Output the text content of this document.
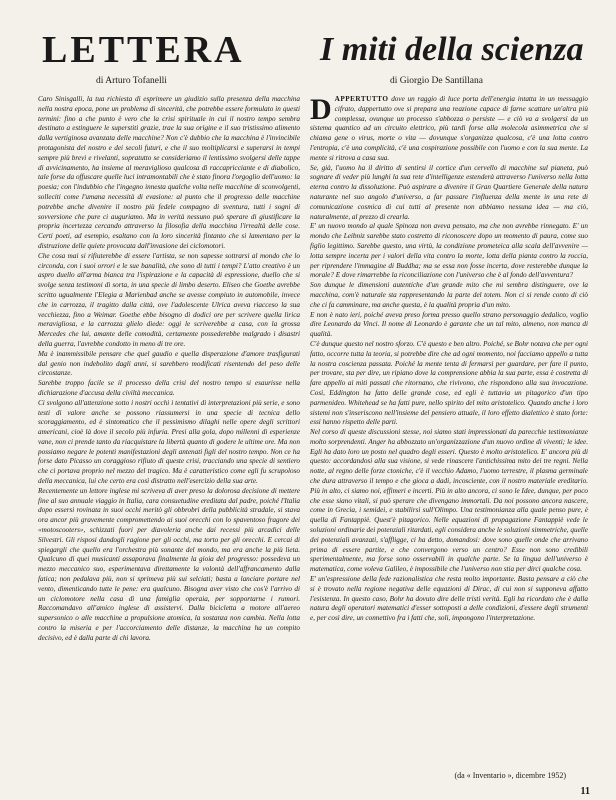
LETTERA
di Arturo Tofanelli
I miti della scienza
di Giorgio De Santillana

Caro Sinisgalli, la tua richiesta di esprimere un giudizio sulla presenza della macchina nella nostra epoca, pone un problema di sincerità, che potrebbe essere formulato in questi termini: fino a che punto è vero che la crisi spirituale in cui il nostro tempo sembra destinato a estinguere le superstiti grazie, trae la sua origine e il suo tristissimo alimento dalla vertiginosa avanzata delle macchine? Non c'è dubbio che la macchina è l'invincibile protagonista del nostro e dei secoli futuri, e che il suo moltiplicarsi e superarsi in tempi sempre più brevi e rivelanti, sopratutto se consideriamo il lentissimo svolgersi delle tappe di avvicinamento, ha insieme al meraviglioso qualcosa di raccapricciante e di diabolico, tale forse da offuscare quelle luci intramontabili che è stato finora l'orgoglio dell'uomo: la poesia; con l'indubbio che l'ingegno innesta qualche volta nelle macchine di sconvolgenti, solleciti come l'umana necessità di evasione: al punto che il progresso delle macchine potrebbe anche divenire il nostro più fedele compagno di sventura, tutti i sogni di sovversione che pure ci auguriamo. Ma in verità nessuno può sperare di giustificare la propria incertezza cercando attraverso la filosofia della macchina l'irrealtà delle cose. Certi poeti, ad esempio, esaltano con la loro sincerità fintanto che si lamentano per la distruzione delle quiete provocata dall'invasione dei ciclomotori.

Che cosa mai si rifiuterebbe di essere l'artista, se non sapesse sottrarsi al mondo che lo circonda, con i suoi orrori e le sue banalità, che sono di tutti i tempi? L'atto creativo è un aspro duello all'arma bianca tra l'ispirazione e la capacità di espressione, duello che si svolge senza testimoni di sorta, in una specie di limbo deserto. Eliseo che Goethe avrebbe scritto ugualmente l'Elegia a Marienbad anche se avesse compiuto in automobile, invece che in carrozza, il tragitto dalla città, ove l'adolescente Ulrica aveva riacceso la sua vecchiezza, fino a Weimar. Goethe ebbe bisogno di dodici ore per scrivere quella lirica meravigliosa, e la carrozza glielo diede: oggi le scriverebbe a casa, con la grossa Mercedes che lui, amante delle comodità, certamente possederebbe malgrado i disastri della guerra, l'avrebbe condotto in meno di tre ore.

Ma è inammissibile pensare che quel gaudio e quella disperazione d'amore trasfigurati dal genio non indebolito dagli anni, si sarebbero modificati risentendo del peso delle circostanze.

Sarebbe troppo facile se il processo della crisi del nostro tempo si esaurisse nella dichiarazione d'accusa della civiltà meccanica.

Ci svolgono all'attenzione sotto i nostri occhi i tentativi di interpretazioni più serie, e sono testi di valore anche se possono riassumersi in una specie di tecnica dello scoraggiamento, ed è sintomatico che il pessimismo dilaghi nelle opere degli scrittori americani, cioè là dove il secolo più infuria. Presi alla gola, dopo millenni di esperienze vane, non ci prende tanto da riacquistare la libertà quanto di godere le ultime ore. Ma non possiamo negare le potenti manifestazioni degli antenati figli del nostro tempo. Non ce ha forse dato Picasso un coraggioso rifiuto di queste crisi, tracciando una specie di sentiero che ci portava proprio nel mezzo del tragico. Ma è caratteristico come egli fu scrupoloso della meccanica, lui che certo era così distratto nell'esercizio della sua arte.

Recentemente un lettore inglese mi scriveva di aver preso la dolorosa decisione di mettere fine al suo annuale viaggio in Italia, cara consuetudine ereditata dal padre, poiché l'Italia dopo essersi rovinata in suoi occhi meritò gli obbrobri della pubblicità stradale, si stava ora ancor più gravemente compromettendo ai suoi orecchi con lo spaventoso fragore dei «motoscooters», schizzati fuori per diavoleria anche dai recessi più arcadici delle Silvestri. Gli risposi dandogli ragione per gli occhi, ma torto per gli orecchi. E cercai di spiegargli che quello era l'orchestra più sonante del mondo, ma era anche la più lieta. Qualcuno di quei musicanti assaporava finalmente la gioia del progresso: possedeva un mezzo meccanico suo, esperimentava direttamente la volontà dell'affrancamento dalla fatica; non pedalava più, non si sprimeva più sui selciati; basta a lanciare portare nel vento, dimenticando tutte le pene: era qualcuno. Bisogna aver visto che cos'è l'arrivo di un ciclomotore nella casa di una famiglia operaia, per sopportarne i rumori. Raccomandavo all'amico inglese di assistervi. Dalla bicicletta a motore all'aereo supersonico o alle macchine a propulsione atomica, la sostanza non cambia. Nella lotta contro la miseria e per l'accorciamento delle distanze, la macchina ha un compito decisivo, ed è dalla parte di chi lavora.

DAPPERTUTTO dove un raggio di luce porta dell'energia intatta in un messaggio cifrato, dappertutto ove si prepara una reazione capace di farne scattare un'altra più complessa, ovunque un processo s'abbozza o persiste — e ciò va a svolgersi da un sistema quantico ad un circuito elettrico, più tardi forse alla molecola asimmetrica che si chiama gene o virus, morte o vita — dovunque s'organizza qualcosa, c'è una lotta contro l'entropia, c'è una complicità, c'è una cospirazione possibile con l'uomo e con la sua mente. La mente si ritrova a casa sua.

Se, già, l'uomo ha il diritto di sentirsi il cortice d'un cervello di macchine sul pianeta, può sognare di veder più lunghi la sua rete d'intelligenze estenderà attraverso l'universo nella lotta eterna contro la dissoluzione. Può aspirare a divenire il Gran Quartiere Generale della natura naturante nel suo angolo d'universo, a far passare l'influenza della mente in una rete di comunicazione cosmica di cui tutti al presente non abbiamo nessuna idea — ma ciò, naturalmente, al prezzo di crearla.

E' un nuovo mondo al quale Spinoza non aveva pensato, ma che non avrebbe rinnegato. E' un mondo che Leibniz sarebbe stato costretto di riconoscere dopo un momento di paura, come suo figlio legittimo. Sarebbe questo, una virtù, la condizione prometeica alla scala dell'avvenire — lotta sempre incerta per i valori della vita contro la morte, lotta della pianta contro la roccia, per riprendere l'immagine di Buddha; ma se essa non fosse incerta, dove resterebbe dunque la morale? E dove rimarrebbe la riconciliazione con l'universo che è al fondo dell'avventura?

Son dunque le dimensioni autentiche d'un grande mito che mi sembra distinguere, ove la macchina, com'è naturale sta rappresentando la parte del totem. Non ci si rende conto di ciò che ci fa camminare, ma anche questa, è la qualità propria d'un mito.

E non è nato ieri, poiché aveva preso forma presso quello strano personaggio dedalico, voglio dire Leonardo da Vinci. Il nome di Leonardo è garante che un tal mito, almeno, non manca di qualità.

C'è dunque questo nel nostro sforzo. C'è questo e ben altro. Poiché, se Bohr notava che per ogni fatto, occorre tutta la teoria, si potrebbe dire che ad ogni momento, noi facciamo appello a tutta la nostra coscienza passata. Poiché la mente tenta di fermarsi per guardare, per fare il punto, per trovare, sta per dire, un ripiano dove la comprensione abbia la sua parte, essa è costretta di fare appello ai miti passati che ritornano, che rivivono, che rispondono alla sua invocazione. Così, Eddington ha fatto delle grande cose, ed egli è tuttavia un pitagorico d'un tipo parmenideo. Whitehead se ha fatti pure, nello spirito del mito aristotelico. Quando anche i loro sistemi non s'inseriscono nell'insieme del pensiero attuale, il loro effetto dialettico è stato forte: essi hanno rispetto delle parti.

Nel corso di queste discussioni stesse, noi siamo stati impressionati da parecchie testimonianze molto sorprendenti. Anger ha abbozzato un'organizzazione d'un nuovo ordine di viventi; le idee. Egli ha dato loro un posto nel quadro degli esseri. Questo è molto aristotelico. E' ancora più di questo: accordandosi alla sua visione, si vede rinascere l'antichissima mito dei tre regni. Nella notte, al regno delle forze ctoniche, c'è il vecchio Adamo, l'uomo terrestre, il plasma germinale che dura attraverso il tempo e che gioca a dadi, incosciente, con il nostro materiale ereditario. Più in alto, ci siamo noi, effimeri e incerti. Più in alto ancora, ci sono le Idee, dunque, per poco che esse siano vitali, si può sperare che divengano immortali. Da noi possono ancora nascere, come in Grecia, i semidei, e stabilirsi sull'Olimpo. Una testimonianza alla quale penso pure, è quella di Fantappiè. Quest'è pitagorico. Nelle equazioni di propagazione Fantappiè vede le soluzioni ordinarie dei potenziali ritardati, egli considera anche le soluzioni simmetriche, quelle dei potenziali avanzati, s'affligge, ci ha detto, domandosi: dove sono quelle onde che arrivano prima di essere partite, e che convergono verso un centro? Esse non sono credibili sperimentalmente, ma forse sono osservabili in qualche parte. Se la lingua dell'universo è matematica, come voleva Galileo, è impossibile che l'universo non stia per dirci qualche cosa.

E' un'espressione della fede razionalistica che resta molto importante. Basta pensare a ciò che si è trovato nella regione negativa delle equazioni di Dirac, di cui non si supponeva affatto l'esistenza. In questo caso, Bohr ha dovuto dire delle tristi verità. Egli ha ricordato che è dalla natura degli operatori matematici d'esser sottoposti a delle condizioni, d'essere degli strumenti e, per così dire, un connettivo fra i fatti che, soli, impongono l'interpretazione.

(da « Inventario », dicembre 1952)
11
